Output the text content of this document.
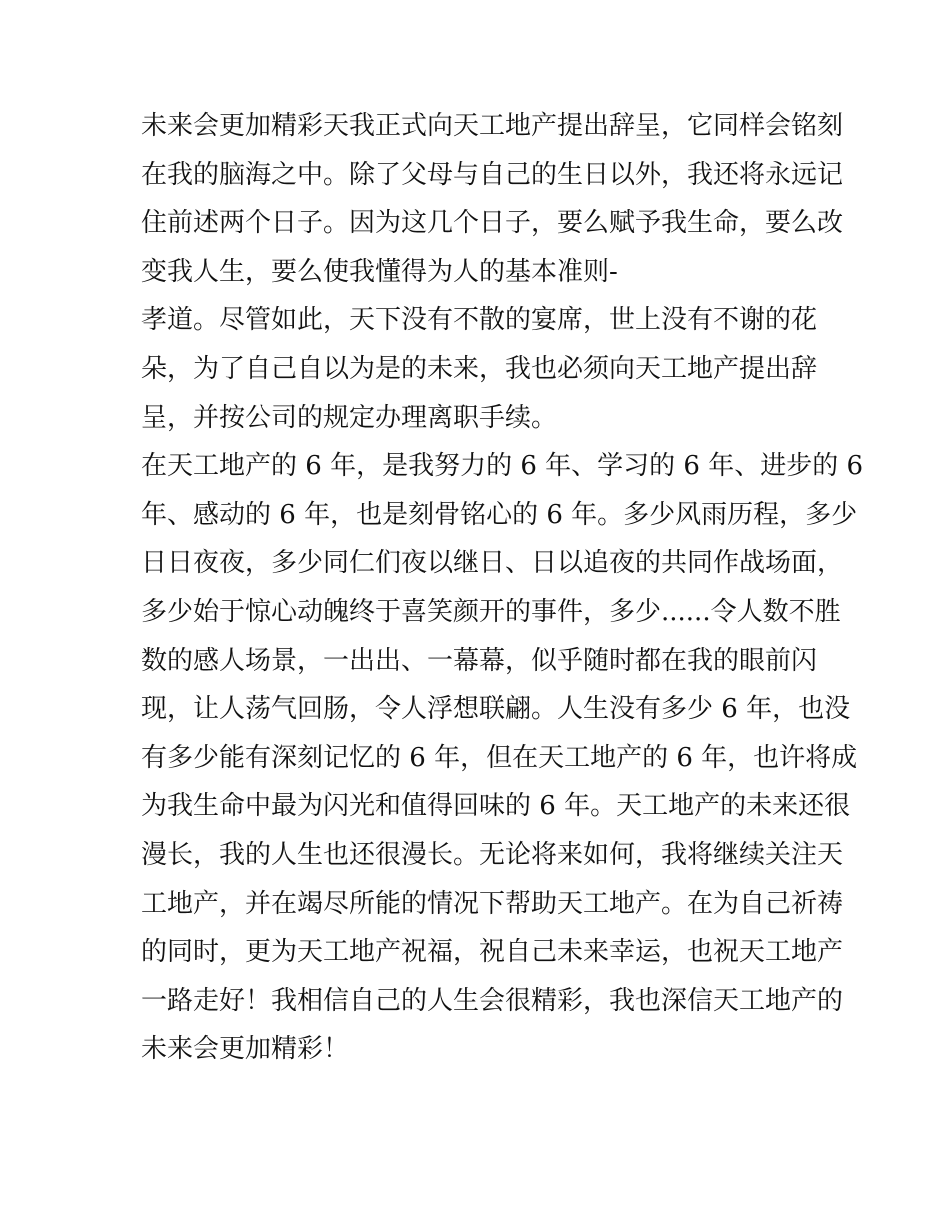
未来会更加精彩天我正式向天工地产提出辞呈，它同样会铭刻
在我的脑海之中。除了父母与自己的生日以外，我还将永远记
住前述两个日子。因为这几个日子，要么赋予我生命，要么改
变我人生，要么使我懂得为人的基本准则-
孝道。尽管如此，天下没有不散的宴席，世上没有不谢的花
朵，为了自己自以为是的未来，我也必须向天工地产提出辞
呈，并按公司的规定办理离职手续。
在天工地产的 6 年，是我努力的 6 年、学习的 6 年、进步的 6
年、感动的 6 年，也是刻骨铭心的 6 年。多少风雨历程，多少
日日夜夜，多少同仁们夜以继日、日以追夜的共同作战场面，
多少始于惊心动魄终于喜笑颜开的事件，多少......令人数不胜
数的感人场景，一出出、一幕幕，似乎随时都在我的眼前闪
现，让人荡气回肠，令人浮想联翩。人生没有多少 6 年，也没
有多少能有深刻记忆的 6 年，但在天工地产的 6 年，也许将成
为我生命中最为闪光和值得回味的 6 年。天工地产的未来还很
漫长，我的人生也还很漫长。无论将来如何，我将继续关注天
工地产，并在竭尽所能的情况下帮助天工地产。在为自己祈祷
的同时，更为天工地产祝福，祝自己未来幸运，也祝天工地产
一路走好！我相信自己的人生会很精彩，我也深信天工地产的
未来会更加精彩！
